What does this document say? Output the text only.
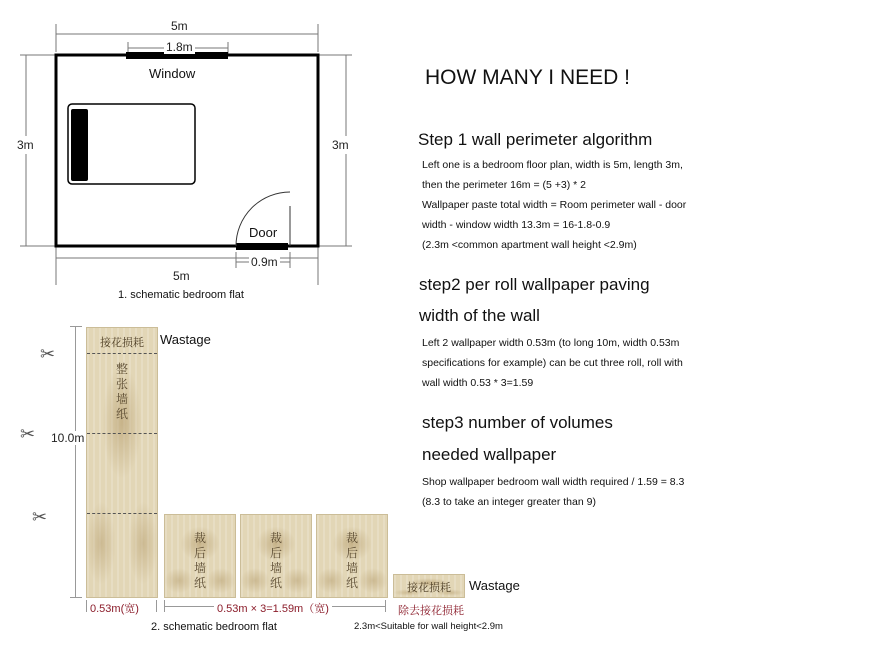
5m
1.8m
Window
3m	3m
Door
0.9m
5m
1. schematic bedroom flat
HOW MANY I NEED !
Step 1 wall perimeter algorithm
Left one is a bedroom floor plan, width is 5m, length 3m,
then the perimeter 16m = (5 +3) * 2
Wallpaper paste total width = Room perimeter wall - door
width - window width 13.3m = 16-1.8-0.9
(2.3m <common apartment wall height <2.9m)
step2 per roll wallpaper paving
width of the wall
Left 2 wallpaper width 0.53m (to long 10m, width 0.53m
specifications for example) can be cut three roll, roll with
wall width 0.53 * 3=1.59
step3 number of volumes
needed wallpaper
Shop wallpaper bedroom wall width required / 1.59 = 8.3
(8.3 to take an integer greater than 9)
10.0m
✂
✂
✂
接花损耗
整张墙纸
Wastage
0.53m(宽)
裁后墙纸
裁后墙纸
裁后墙纸
0.53m × 3=1.59m（宽)
接花损耗	Wastage
除去接花损耗
2.3m<Suitable for wall height<2.9m
2. schematic bedroom flat
